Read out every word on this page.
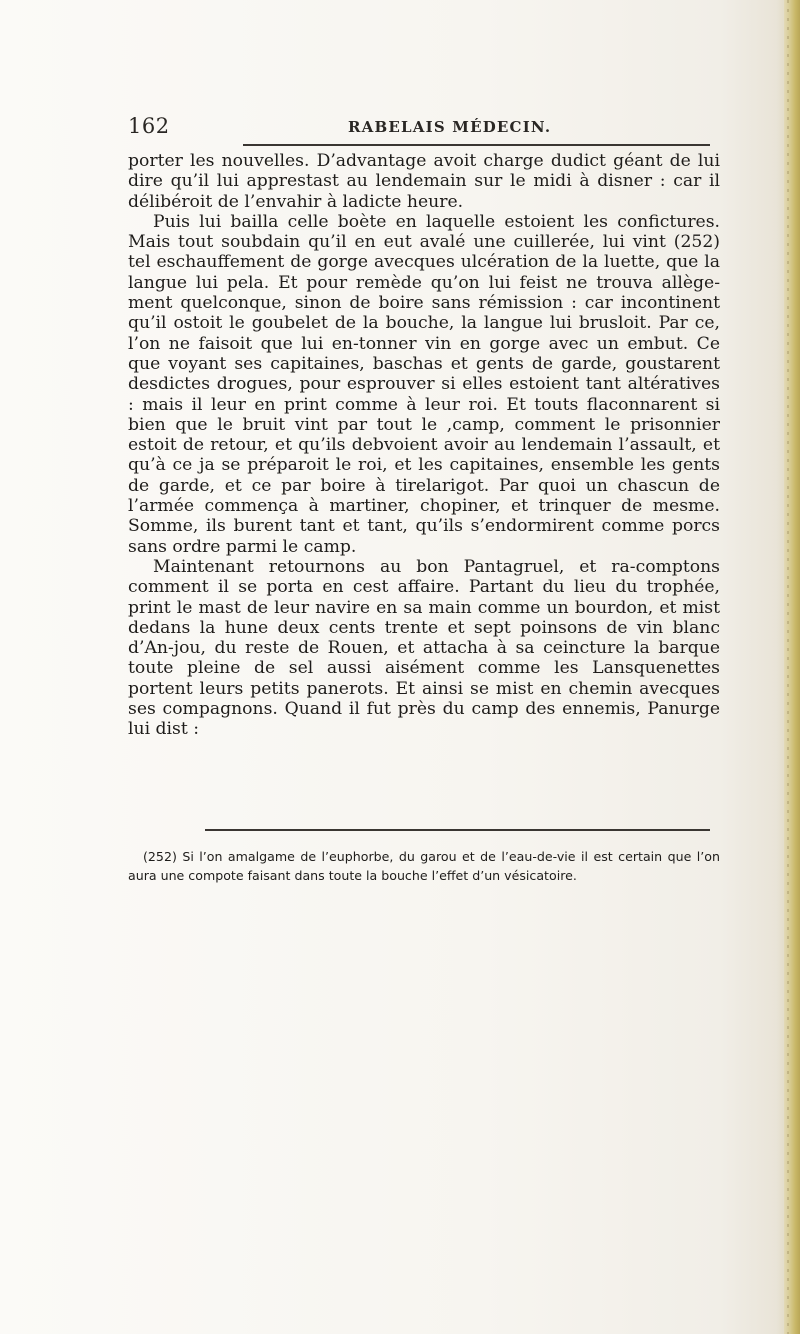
162	RABELAIS MÉDECIN.

porter les nouvelles. D’advantage avoit charge dudict géant de lui dire qu’il lui apprestast au lendemain sur le midi à disner : car il délibéroit de l’envahir à ladicte heure.

Puis lui bailla celle boète en laquelle estoient les confictures. Mais tout soubdain qu’il en eut avalé une cuillerée, lui vint (252) tel eschauffement de gorge avecques ulcération de la luette, que la langue lui pela. Et pour remède qu’on lui feist ne trouva allège-ment quelconque, sinon de boire sans rémission : car incontinent qu’il ostoit le goubelet de la bouche, la langue lui brusloit. Par ce, l’on ne faisoit que lui en-tonner vin en gorge avec un embut. Ce que voyant ses capitaines, baschas et gents de garde, goustarent desdictes drogues, pour esprouver si elles estoient tant altératives : mais il leur en print comme à leur roi. Et touts flaconnarent si bien que le bruit vint par tout le ,camp, comment le prisonnier estoit de retour, et qu’ils debvoient avoir au lendemain l’assault, et qu’à ce ja se préparoit le roi, et les capitaines, ensemble les gents de garde, et ce par boire à tirelarigot. Par quoi un chascun de l’armée commença à martiner, chopiner, et trinquer de mesme. Somme, ils burent tant et tant, qu’ils s’endormirent comme porcs sans ordre parmi le camp.

Maintenant retournons au bon Pantagruel, et ra-comptons comment il se porta en cest affaire. Partant du lieu du trophée, print le mast de leur navire en sa main comme un bourdon, et mist dedans la hune deux cents trente et sept poinsons de vin blanc d’An-jou, du reste de Rouen, et attacha à sa ceincture la barque toute pleine de sel aussi aisément comme les Lansquenettes portent leurs petits panerots. Et ainsi se mist en chemin avecques ses compagnons. Quand il fut près du camp des ennemis, Panurge lui dist :

(252) Si l’on amalgame de l’euphorbe, du garou et de l’eau-de-vie il est certain que l’on aura une compote faisant dans toute la bouche l’effet d’un vésicatoire.
